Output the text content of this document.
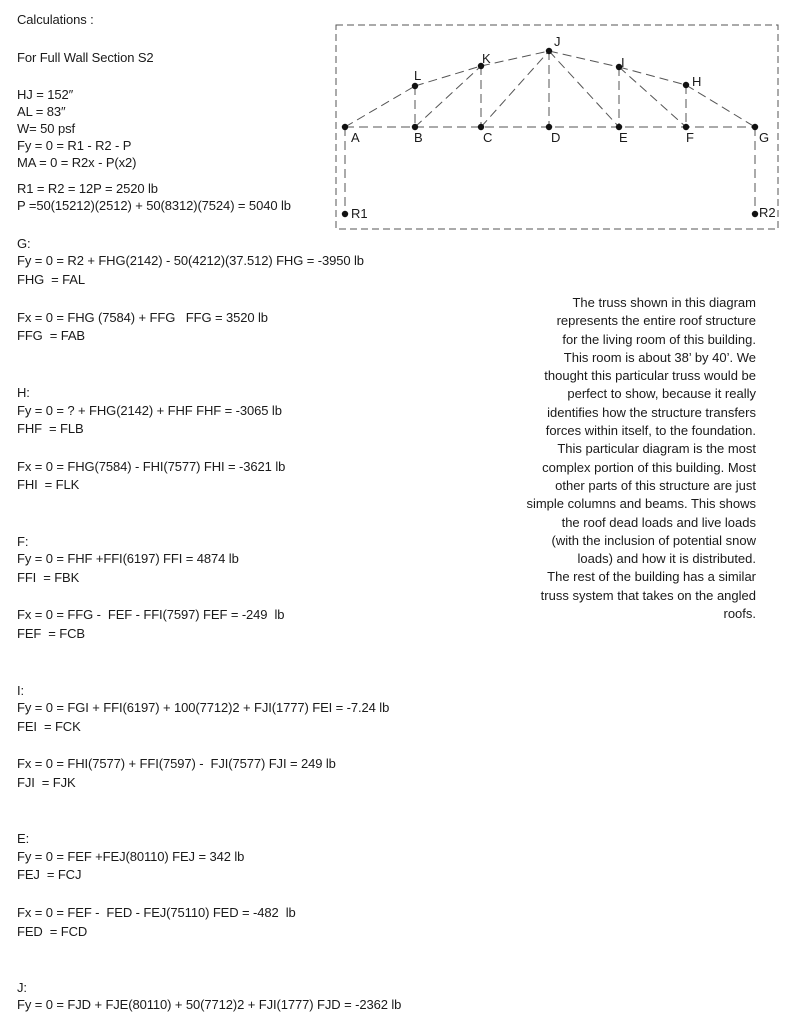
Calculations :
For Full Wall Section S2
HJ = 152″
AL = 83″
W= 50 psf
Fy = 0 = R1 - R2 - P
MA = 0 = R2x - P(x2)
R1 = R2 = 12P = 2520 lb
P =50(15212)(2512) + 50(8312)(7524) = 5040 lb
G:
Fy = 0 = R2 + FHG(2142) - 50(4212)(37.512) FHG = -3950 lb
FHG  = FAL
Fx = 0 = FHG (7584) + FFG   FFG = 3520 lb
FFG  = FAB
H:
Fy = 0 = ? + FHG(2142) + FHF FHF = -3065 lb
FHF  = FLB
Fx = 0 = FHG(7584) - FHI(7577) FHI = -3621 lb
FHI  = FLK
F:
Fy = 0 = FHF +FFI(6197) FFI = 4874 lb
FFI  = FBK
Fx = 0 = FFG -  FEF - FFI(7597) FEF = -249  lb
FEF  = FCB
I:
Fy = 0 = FGI + FFI(6197) + 100(7712)2 + FJI(1777) FEI = -7.24 lb
FEI  = FCK
Fx = 0 = FHI(7577) + FFI(7597) -  FJI(7577) FJI = 249 lb
FJI  = FJK
E:
Fy = 0 = FEF +FEJ(80110) FEJ = 342 lb
FEJ  = FCJ
Fx = 0 = FEF -  FED - FEJ(75110) FED = -482  lb
FED  = FCD
J:
Fy = 0 = FJD + FJE(80110) + 50(7712)2 + FJI(1777) FJD = -2362 lb
The truss shown in this diagram
represents the entire roof structure
for the living room of this building.
This room is about 38’ by 40’. We
thought this particular truss would be
perfect to show, because it really
identifies how the structure transfers
forces within itself, to the foundation.
This particular diagram is the most
complex portion of this building. Most
other parts of this structure are just
simple columns and beams. This shows
the roof dead loads and live loads
(with the inclusion of potential snow
loads) and how it is distributed.
The rest of the building has a similar
truss system that takes on the angled
roofs.
A	B	C	D	E	F	G
L
K
J
I
H
R1	R2
